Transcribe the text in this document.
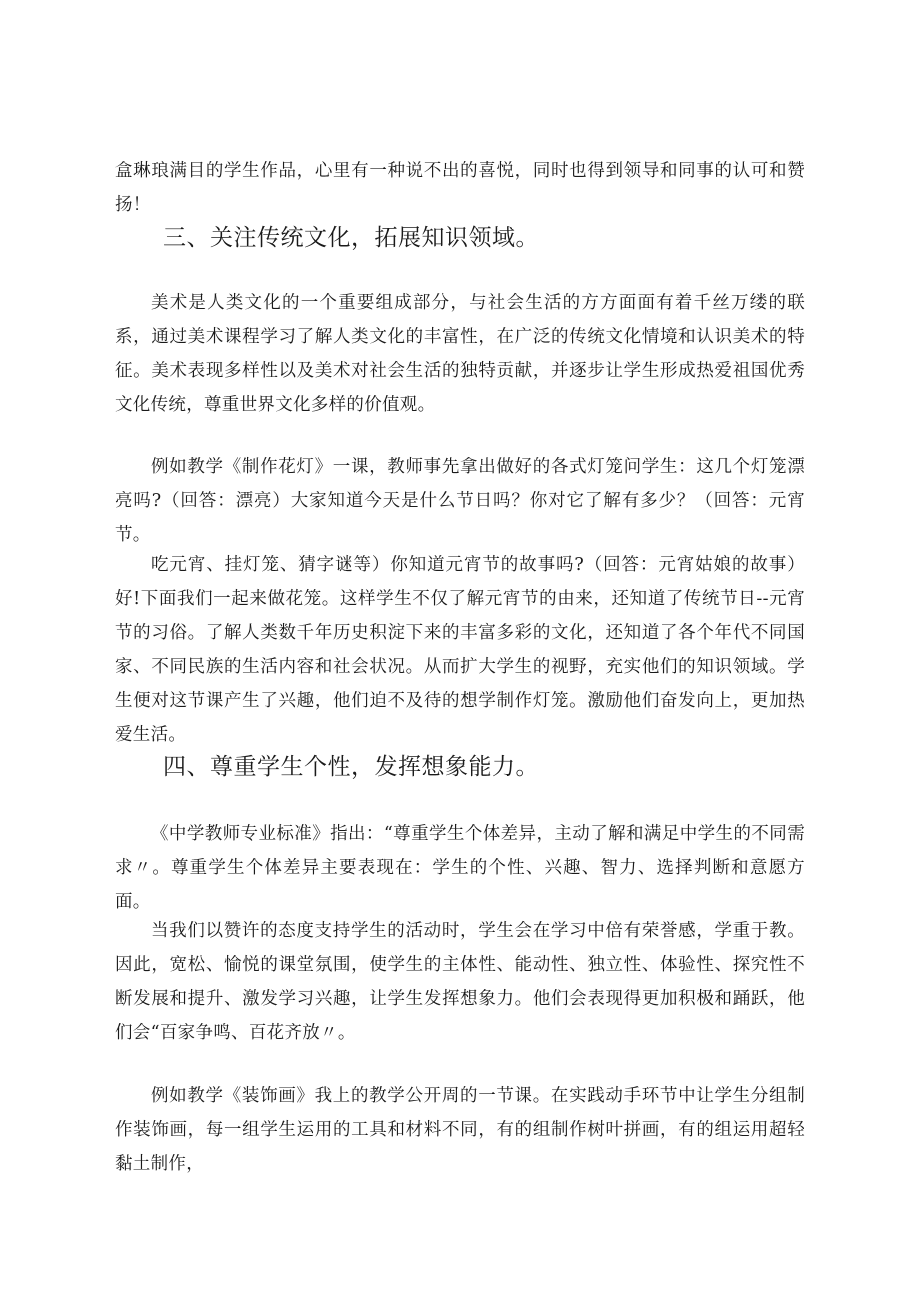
盒琳琅满目的学生作品，心里有一种说不出的喜悦，同时也得到领导和同事的认可和赞扬！

三、关注传统文化，拓展知识领域。

美术是人类文化的一个重要组成部分，与社会生活的方方面面有着千丝万缕的联系，通过美术课程学习了解人类文化的丰富性，在广泛的传统文化情境和认识美术的特征。美术表现多样性以及美术对社会生活的独特贡献，并逐步让学生形成热爱祖国优秀文化传统，尊重世界文化多样的价值观。

例如教学《制作花灯》一课，教师事先拿出做好的各式灯笼问学生：这几个灯笼漂亮吗?（回答：漂亮）大家知道今天是什么节日吗？你对它了解有多少？（回答：元宵节。

吃元宵、挂灯笼、猜字谜等）你知道元宵节的故事吗?（回答：元宵姑娘的故事）好!下面我们一起来做花笼。这样学生不仅了解元宵节的由来，还知道了传统节日--元宵节的习俗。了解人类数千年历史积淀下来的丰富多彩的文化，还知道了各个年代不同国家、不同民族的生活内容和社会状况。从而扩大学生的视野，充实他们的知识领域。学生便对这节课产生了兴趣，他们迫不及待的想学制作灯笼。激励他们奋发向上，更加热爱生活。

四、尊重学生个性，发挥想象能力。

《中学教师专业标准》指出：“尊重学生个体差异，主动了解和满足中学生的不同需求〃。尊重学生个体差异主要表现在：学生的个性、兴趣、智力、选择判断和意愿方面。

当我们以赞许的态度支持学生的活动时，学生会在学习中倍有荣誉感，学重于教。因此，宽松、愉悦的课堂氛围，使学生的主体性、能动性、独立性、体验性、探究性不断发展和提升、激发学习兴趣，让学生发挥想象力。他们会表现得更加积极和踊跃，他们会“百家争鸣、百花齐放〃。

例如教学《装饰画》我上的教学公开周的一节课。在实践动手环节中让学生分组制作装饰画，每一组学生运用的工具和材料不同，有的组制作树叶拼画，有的组运用超轻黏土制作，
